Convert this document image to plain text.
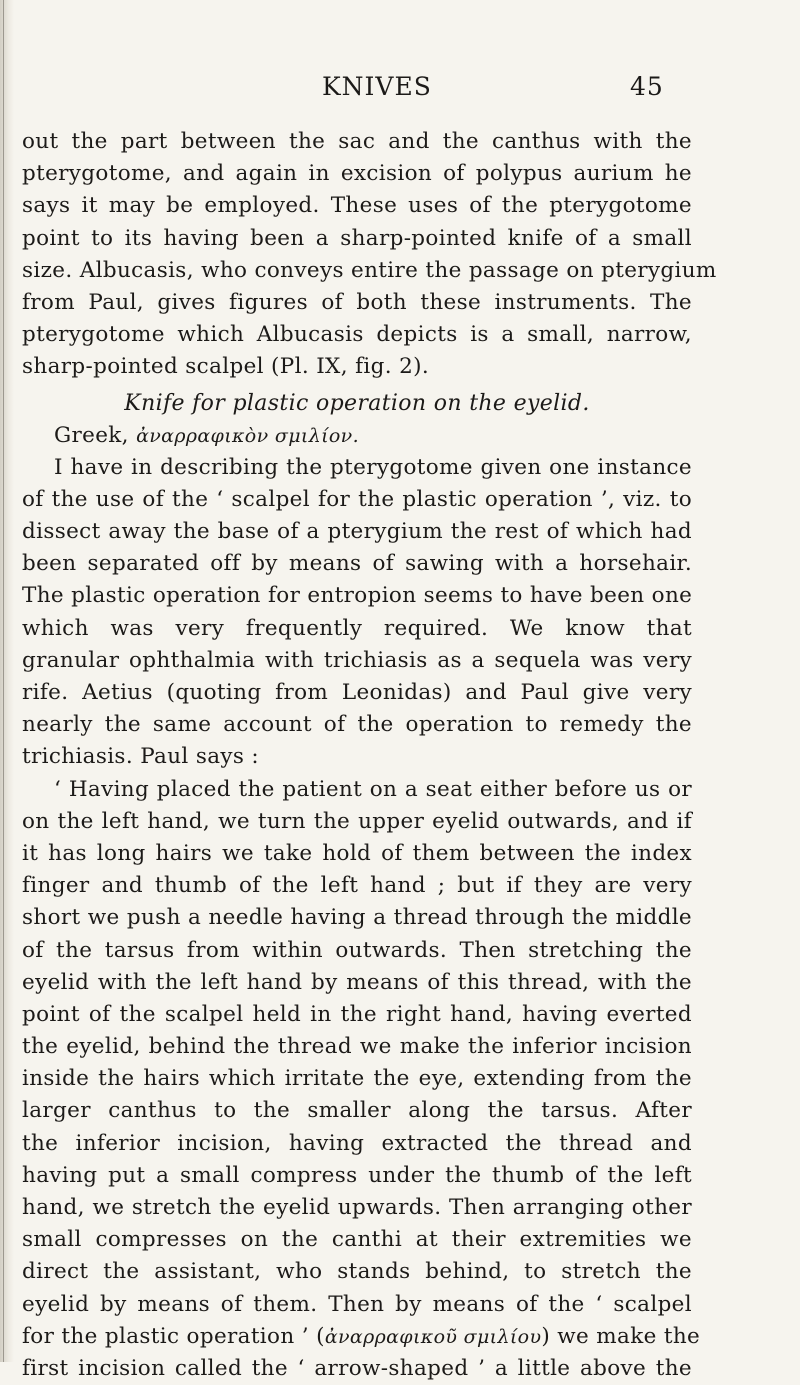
KNIVES	45
out the part between the sac and the canthus with the
pterygotome, and again in excision of polypus aurium he
says it may be employed. These uses of the pterygotome
point to its having been a sharp-pointed knife of a small
size. Albucasis, who conveys entire the passage on pterygium
from Paul, gives figures of both these instruments. The
pterygotome which Albucasis depicts is a small, narrow,
sharp-pointed scalpel (Pl. IX, fig. 2).
Knife for plastic operation on the eyelid.
Greek, ἀναρραφικὸν σμιλίον.
I have in describing the pterygotome given one instance
of the use of the ‘ scalpel for the plastic operation ’, viz. to
dissect away the base of a pterygium the rest of which had
been separated off by means of sawing with a horsehair.
The plastic operation for entropion seems to have been one
which was very frequently required. We know that
granular ophthalmia with trichiasis as a sequela was very
rife. Aetius (quoting from Leonidas) and Paul give very
nearly the same account of the operation to remedy the
trichiasis. Paul says :
‘ Having placed the patient on a seat either before us or
on the left hand, we turn the upper eyelid outwards, and if
it has long hairs we take hold of them between the index
finger and thumb of the left hand ; but if they are very
short we push a needle having a thread through the middle
of the tarsus from within outwards. Then stretching the
eyelid with the left hand by means of this thread, with the
point of the scalpel held in the right hand, having everted
the eyelid, behind the thread we make the inferior incision
inside the hairs which irritate the eye, extending from the
larger canthus to the smaller along the tarsus. After
the inferior incision, having extracted the thread and
having put a small compress under the thumb of the left
hand, we stretch the eyelid upwards. Then arranging other
small compresses on the canthi at their extremities we
direct the assistant, who stands behind, to stretch the
eyelid by means of them. Then by means of the ‘ scalpel
for the plastic operation ’ (ἀναρραφικοῦ σμιλίου) we make the
first incision called the ‘ arrow-shaped ’ a little above the
